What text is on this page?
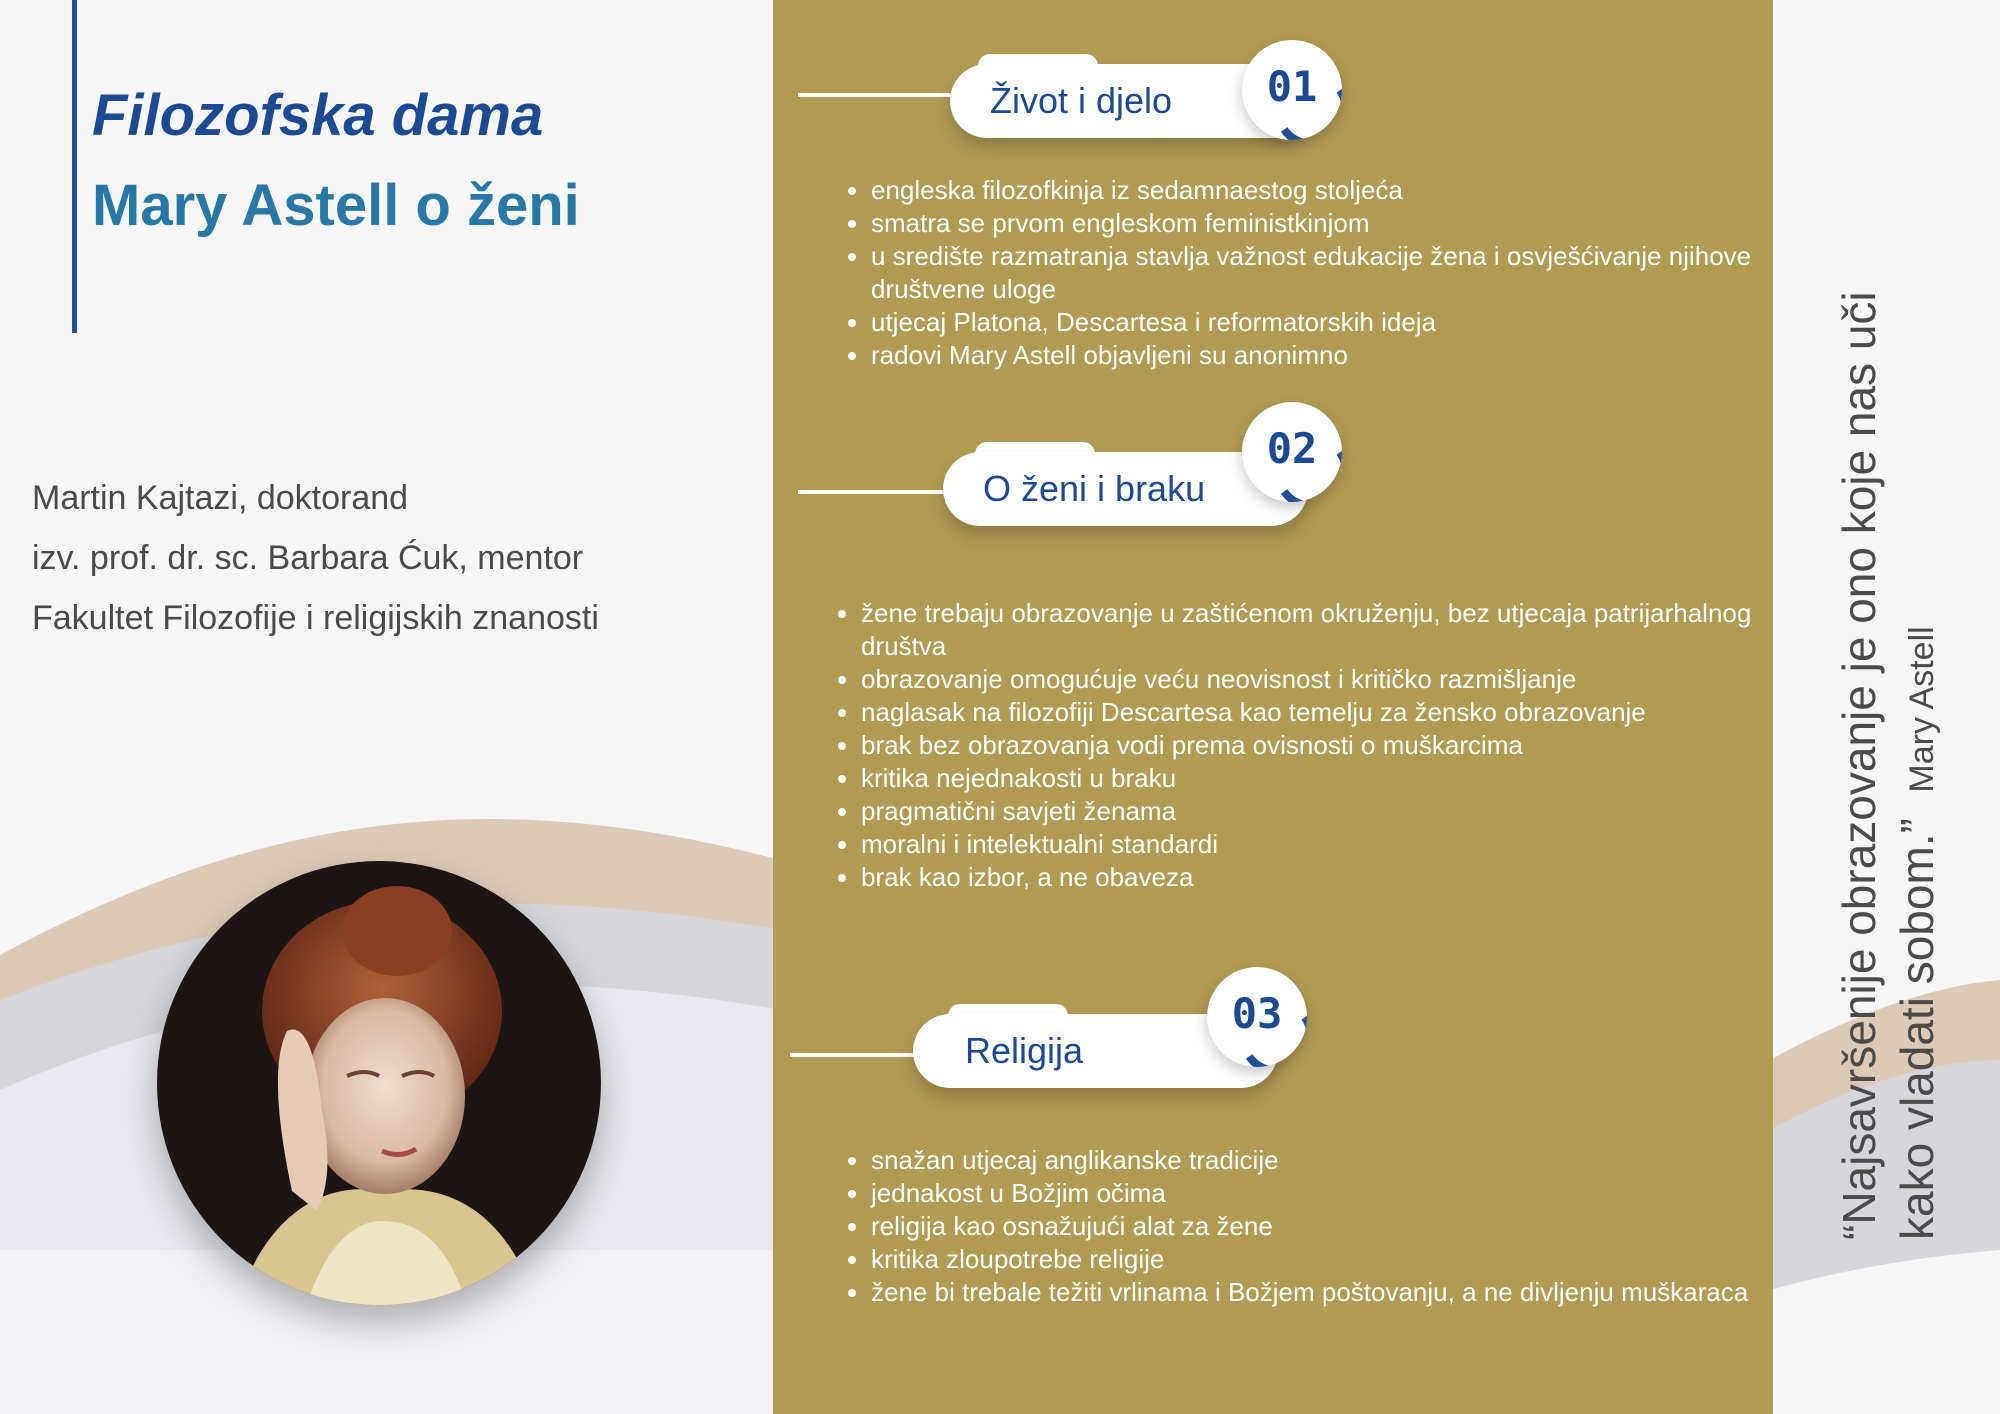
Filozofska dama
Mary Astell o ženi
Martin Kajtazi, doktorand
izv. prof. dr. sc. Barbara Ćuk, mentor
Fakultet Filozofije i religijskih znanosti
Život i djelo	01
• engleska filozofkinja iz sedamnaestog stoljeća
• smatra se prvom engleskom feministkinjom
• u središte razmatranja stavlja važnost edukacije žena i osvješćivanje njihove društvene uloge
• utjecaj Platona, Descartesa i reformatorskih ideja
• radovi Mary Astell objavljeni su anonimno
O ženi i braku
02
• žene trebaju obrazovanje u zaštićenom okruženju, bez utjecaja patrijarhalnog društva
• obrazovanje omogućuje veću neovisnost i kritičko razmišljanje
• naglasak na filozofiji Descartesa kao temelju za žensko obrazovanje
• brak bez obrazovanja vodi prema ovisnosti o muškarcima
• kritika nejednakosti u braku
• pragmatični savjeti ženama
• moralni i intelektualni standardi
• brak kao izbor, a ne obaveza
Religija
03
• snažan utjecaj anglikanske tradicije
• jednakost u Božjim očima
• religija kao osnažujući alat za žene
• kritika zloupotrebe religije
• žene bi trebale težiti vrlinama i Božjem poštovanju, a ne divljenju muškaraca
“Najsavršenije obrazovanje je ono koje nas uči kako vladati sobom.”  Mary Astell
